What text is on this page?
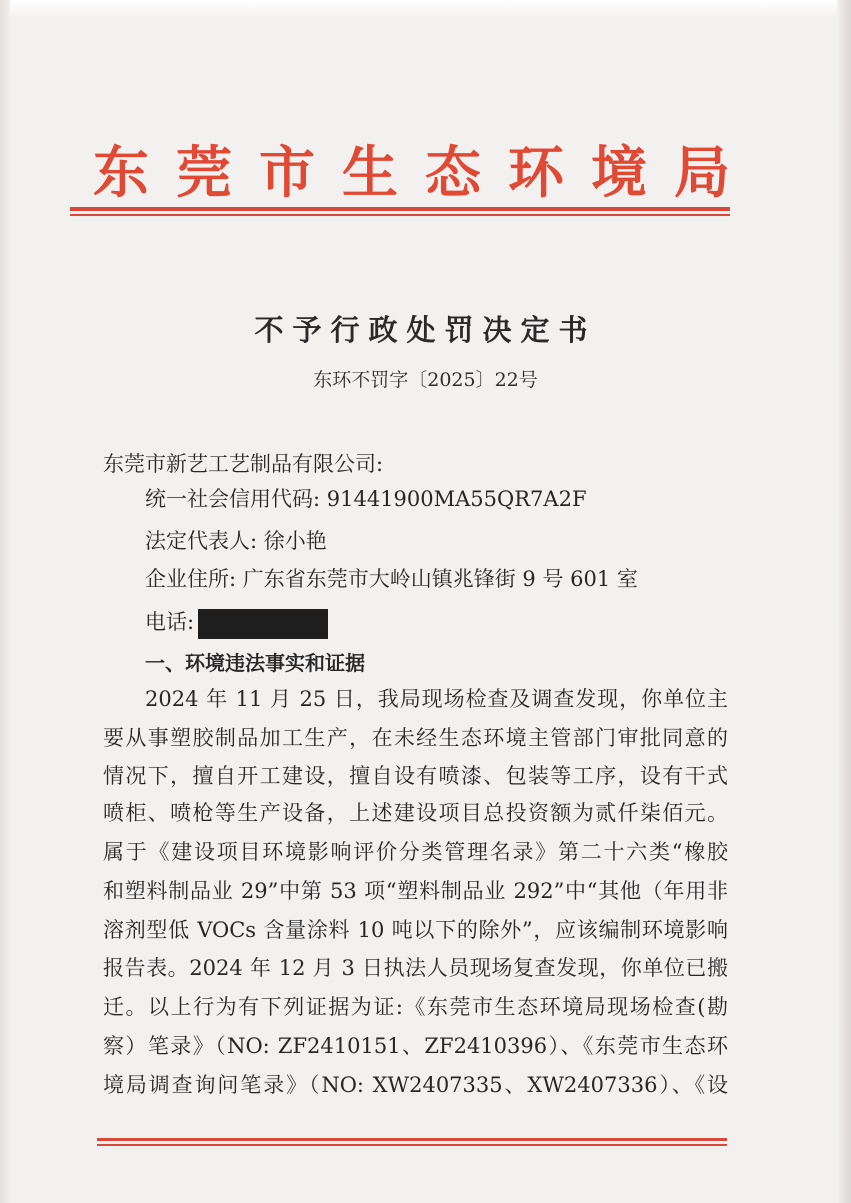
东莞市生态环境局
不予行政处罚决定书
东环不罚字〔2025〕22号
东莞市新艺工艺制品有限公司:
统一社会信用代码: 91441900MA55QR7A2F
法定代表人: 徐小艳
企业住所: 广东省东莞市大岭山镇兆锋街 9 号 601 室
电话:
一、环境违法事实和证据
2024 年 11 月 25 日，我局现场检查及调查发现，你单位主
要从事塑胶制品加工生产，在未经生态环境主管部门审批同意的
情况下，擅自开工建设，擅自设有喷漆、包装等工序，设有干式
喷柜、喷枪等生产设备，上述建设项目总投资额为贰仟柒佰元。
属于《建设项目环境影响评价分类管理名录》第二十六类“橡胶
和塑料制品业 29”中第 53 项“塑料制品业 292”中“其他（年用非
溶剂型低 VOCs 含量涂料 10 吨以下的除外”，应该编制环境影响
报告表。2024 年 12 月 3 日执法人员现场复查发现，你单位已搬
迁。以上行为有下列证据为证:《东莞市生态环境局现场检查(勘
察）笔录》（NO: ZF2410151、ZF2410396）、《东莞市生态环
境局调查询问笔录》（NO: XW2407335、XW2407336）、《设
